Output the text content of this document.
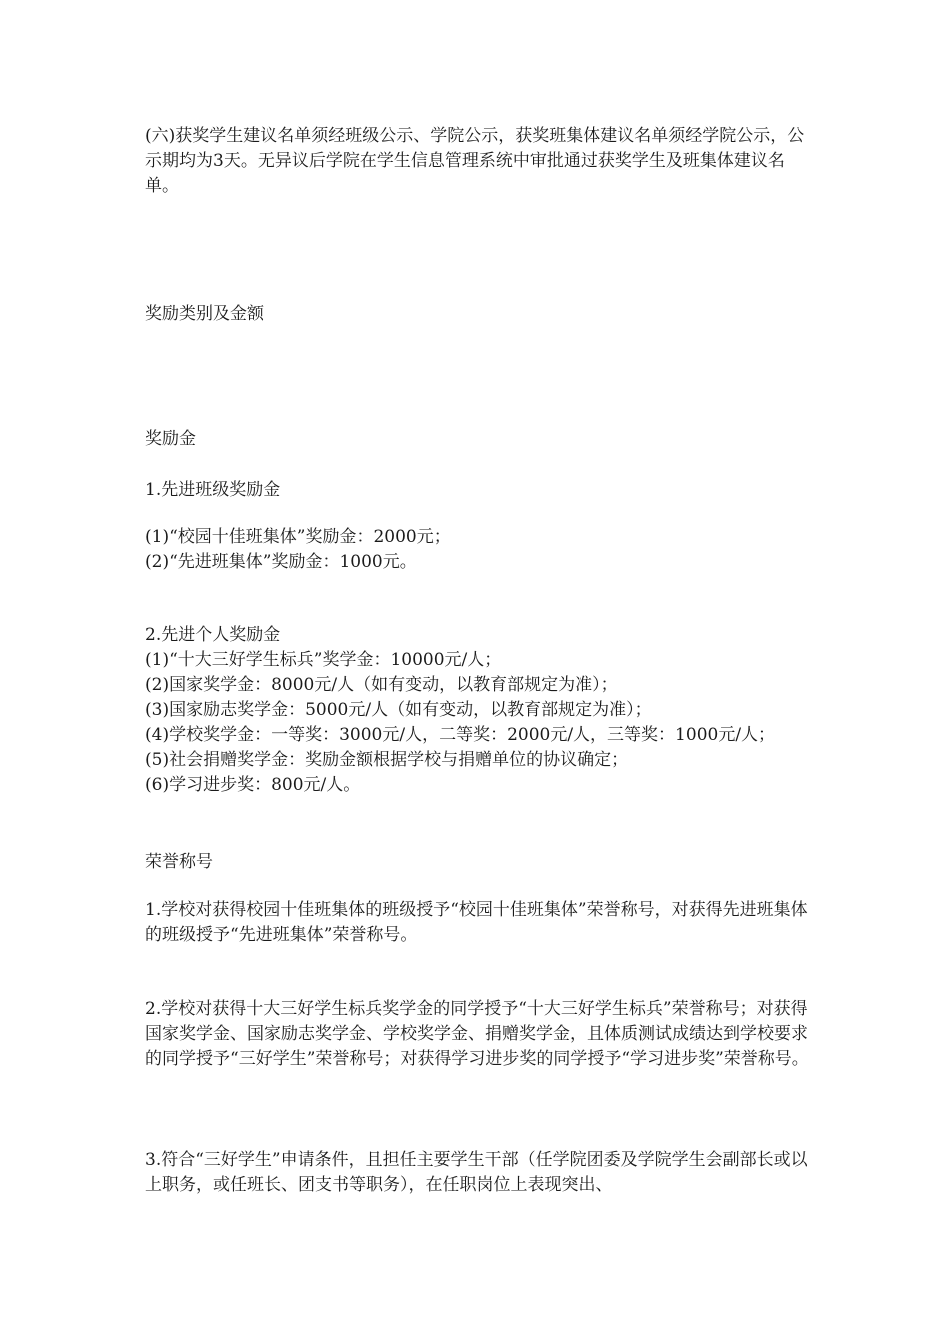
(六)获奖学生建议名单须经班级公示、学院公示，获奖班集体建议名单须经学院公示，公示期均为3天。无异议后学院在学生信息管理系统中审批通过获奖学生及班集体建议名单。

奖励类别及金额

奖励金

1.先进班级奖励金

(1)“校园十佳班集体”奖励金：2000元；
(2)“先进班集体”奖励金：1000元。

2.先进个人奖励金
(1)“十大三好学生标兵”奖学金：10000元/人；
(2)国家奖学金：8000元/人（如有变动，以教育部规定为准）；
(3)国家励志奖学金：5000元/人（如有变动，以教育部规定为准）；
(4)学校奖学金：一等奖：3000元/人，二等奖：2000元/人，三等奖：1000元/人；
(5)社会捐赠奖学金：奖励金额根据学校与捐赠单位的协议确定；
(6)学习进步奖：800元/人。

荣誉称号

1.学校对获得校园十佳班集体的班级授予“校园十佳班集体”荣誉称号，对获得先进班集体的班级授予“先进班集体”荣誉称号。

2.学校对获得十大三好学生标兵奖学金的同学授予“十大三好学生标兵”荣誉称号；对获得国家奖学金、国家励志奖学金、学校奖学金、捐赠奖学金，且体质测试成绩达到学校要求的同学授予“三好学生”荣誉称号；对获得学习进步奖的同学授予“学习进步奖”荣誉称号。

3.符合“三好学生”申请条件，且担任主要学生干部（任学院团委及学院学生会副部长或以上职务，或任班长、团支书等职务），在任职岗位上表现突出、
